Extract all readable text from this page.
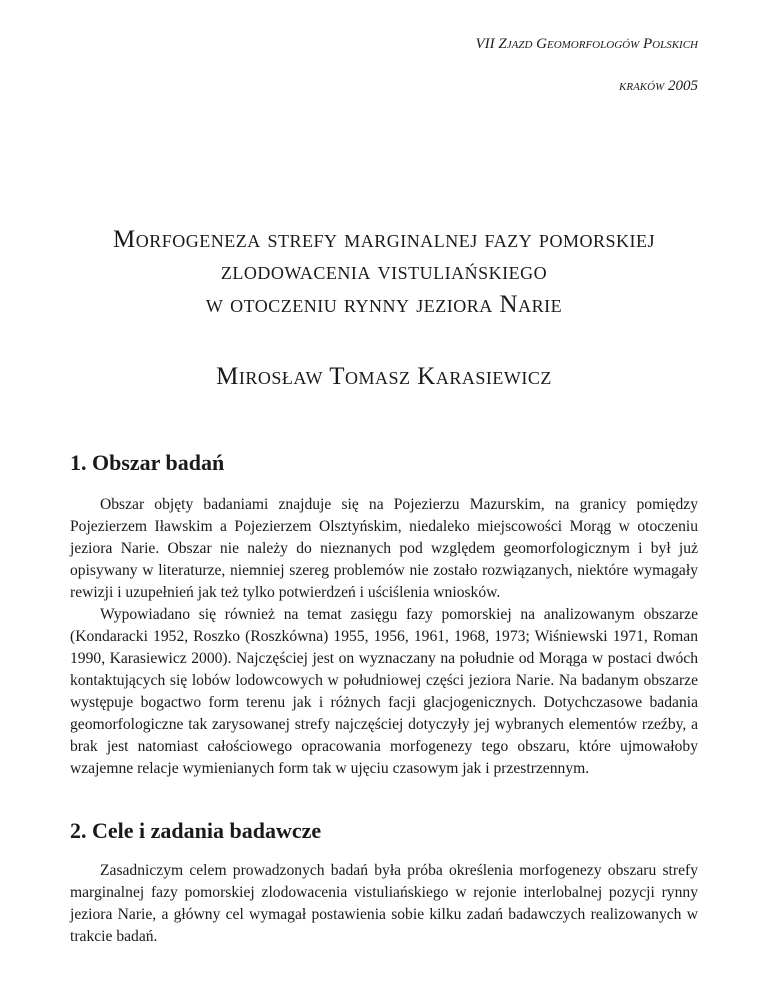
VII Zjazd Geomorfologów Polskich
kraków 2005
Morfogeneza strefy marginalnej fazy pomorskiej
zlodowacenia vistuliańskiego
w otoczeniu rynny jeziora Narie
Mirosław Tomasz Karasiewicz
1. Obszar badań

Obszar objęty badaniami znajduje się na Pojezierzu Mazurskim, na granicy pomiędzy Pojezierzem Iławskim a Pojezierzem Olsztyńskim, niedaleko miejscowości Morąg w otoczeniu jeziora Narie. Obszar nie należy do nieznanych pod względem geomorfologicznym i był już opisywany w literaturze, niemniej szereg problemów nie zostało rozwiązanych, niektóre wymagały rewizji i uzupełnień jak też tylko potwierdzeń i uściślenia wniosków.

Wypowiadano się również na temat zasięgu fazy pomorskiej na analizowanym obszarze (Kondaracki 1952, Roszko (Roszkówna) 1955, 1956, 1961, 1968, 1973; Wiśniewski 1971, Roman 1990, Karasiewicz 2000). Najczęściej jest on wyznaczany na południe od Morąga w postaci dwóch kontaktujących się lobów lodowcowych w południowej części jeziora Narie. Na badanym obszarze występuje bogactwo form terenu jak i różnych facji glacjogenicznych. Dotychczasowe badania geomorfologiczne tak zarysowanej strefy najczęściej dotyczyły jej wybranych elementów rzeźby, a brak jest natomiast całościowego opracowania morfogenezy tego obszaru, które ujmowałoby wzajemne relacje wymienianych form tak w ujęciu czasowym jak i przestrzennym.

2. Cele i zadania badawcze

Zasadniczym celem prowadzonych badań była próba określenia morfogenezy obszaru strefy marginalnej fazy pomorskiej zlodowacenia vistuliańskiego w rejonie interlobalnej pozycji rynny jeziora Narie, a główny cel wymagał postawienia sobie kilku zadań badawczych realizowanych w trakcie badań.
